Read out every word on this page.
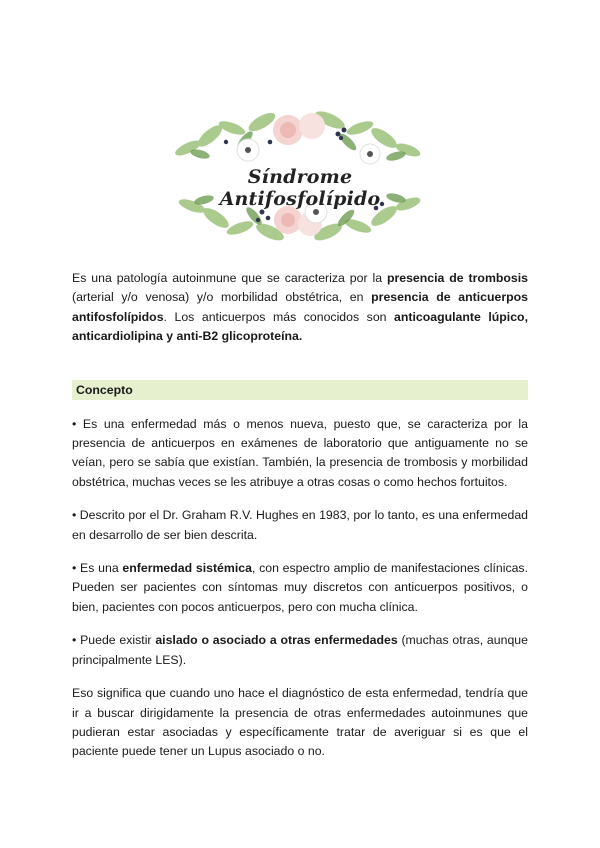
Síndrome Antifosfolípido

Es una patología autoinmune que se caracteriza por la presencia de trombosis (arterial y/o venosa) y/o morbilidad obstétrica, en presencia de anticuerpos antifosfolípidos. Los anticuerpos más conocidos son anticoagulante lúpico, anticardiolipina y anti-B2 glicoproteína.

Concepto

• Es una enfermedad más o menos nueva, puesto que, se caracteriza por la presencia de anticuerpos en exámenes de laboratorio que antiguamente no se veían, pero se sabía que existían. También, la presencia de trombosis y morbilidad obstétrica, muchas veces se les atribuye a otras cosas o como hechos fortuitos.

• Descrito por el Dr. Graham R.V. Hughes en 1983, por lo tanto, es una enfermedad en desarrollo de ser bien descrita.

• Es una enfermedad sistémica, con espectro amplio de manifestaciones clínicas. Pueden ser pacientes con síntomas muy discretos con anticuerpos positivos, o bien, pacientes con pocos anticuerpos, pero con mucha clínica.

• Puede existir aislado o asociado a otras enfermedades (muchas otras, aunque principalmente LES).

Eso significa que cuando uno hace el diagnóstico de esta enfermedad, tendría que ir a buscar dirigidamente la presencia de otras enfermedades autoinmunes que pudieran estar asociadas y específicamente tratar de averiguar si es que el paciente puede tener un Lupus asociado o no.
